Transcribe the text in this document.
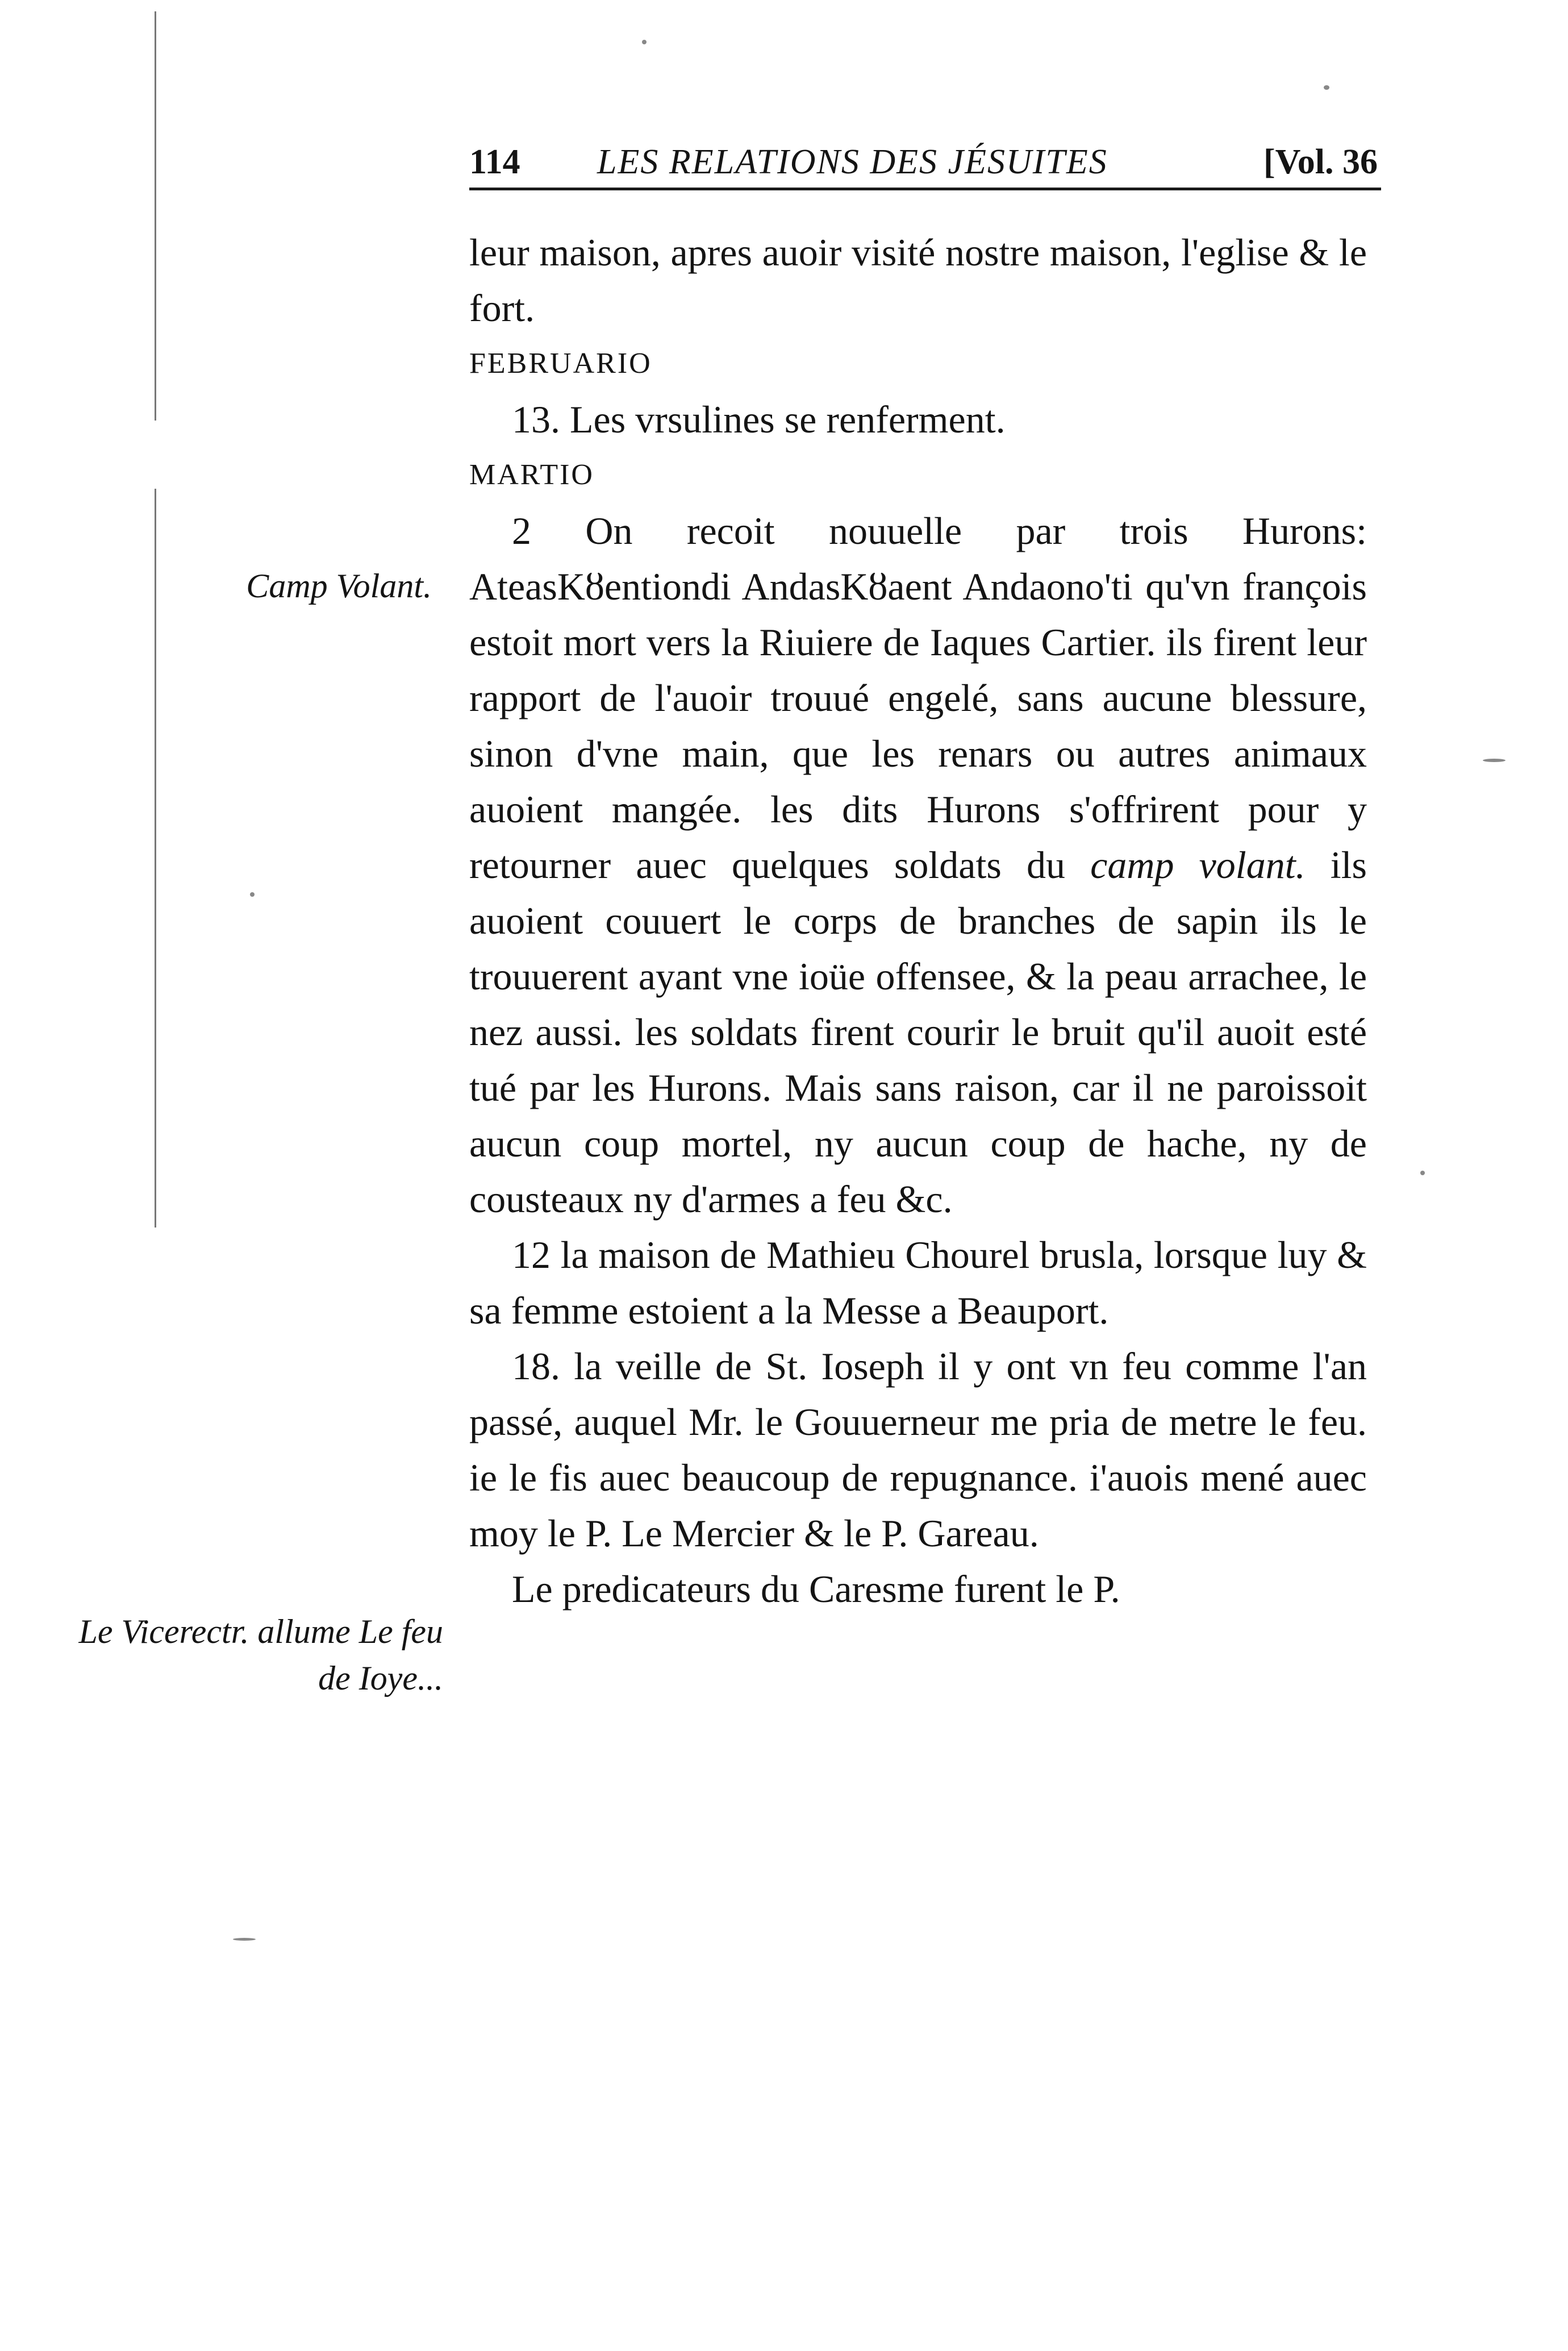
114 LES RELATIONS DES JÉSUITES	[Vol. 36
Camp Volant.
Le Vicerectr. allume Le feu de Ioye...

leur maison, apres auoir visité nostre maison, l'eglise & le fort.

FEBRUARIO

13. Les vrsulines se renferment.

MARTIO

2 On recoit nouuelle par trois Hurons: AteasKȣentiondi AndasKȣaent Andaono'ti qu'vn françois estoit mort vers la Riuiere de Iaques Cartier. ils firent leur rapport de l'auoir trouué engelé, sans aucune blessure, sinon d'vne main, que les renars ou autres animaux auoient mangée. les dits Hurons s'offrirent pour y retourner auec quelques soldats du camp volant. ils auoient couuert le corps de branches de sapin ils le trouuerent ayant vne ioüe offensee, & la peau arrachee, le nez aussi. les soldats firent courir le bruit qu'il auoit esté tué par les Hurons. Mais sans raison, car il ne paroissoit aucun coup mortel, ny aucun coup de hache, ny de cousteaux ny d'armes a feu &c.

12 la maison de Mathieu Chourel brusla, lorsque luy & sa femme estoient a la Messe a Beauport.

18. la veille de St. Ioseph il y ont vn feu comme l'an passé, auquel Mr. le Gouuerneur me pria de metre le feu. ie le fis auec beaucoup de repugnance. i'auois mené auec moy le P. Le Mercier & le P. Gareau.

Le predicateurs du Caresme furent le P.
